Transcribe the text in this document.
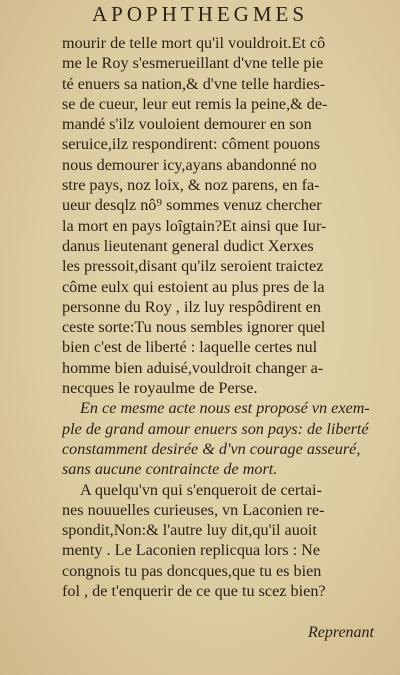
APOPHTHEGMES
mourir de telle mort qu'il vouldroit.Et cô
me le Roy s'esmerueillant d'vne telle pie
té enuers sa nation,& d'vne telle hardies-
se de cueur, leur eut remis la peine,& de-
mandé s'ilz vouloient demourer en son
seruice,ilz respondirent: côment pouons
nous demourer icy,ayans abandonné no
stre pays, noz loix, & noz parens, en fa-
ueur desqlz nô⁹ sommes venuz chercher
la mort en pays loîgtain?Et ainsi que Iur-
danus lieutenant general dudict Xerxes
les pressoit,disant qu'ilz seroient traictez
côme eulx qui estoient au plus pres de la
personne du Roy , ilz luy respôdirent en
ceste sorte:Tu nous sembles ignorer quel
bien c'est de liberté : laquelle certes nul
homme bien aduisé,vouldroit changer a-
necques le royaulme de Perse.
En ce mesme acte nous est proposé vn exem-
ple de grand amour enuers son pays: de liberté
constamment desirée & d'vn courage asseuré,
sans aucune contraincte de mort.
A quelqu'vn qui s'enqueroit de certai-
nes nouuelles curieuses, vn Laconien re-
spondit,Non:& l'autre luy dit,qu'il auoit
menty . Le Laconien replicqua lors : Ne
congnois tu pas doncques,que tu es bien
fol , de t'enquerir de ce que tu scez bien?
Reprenant
